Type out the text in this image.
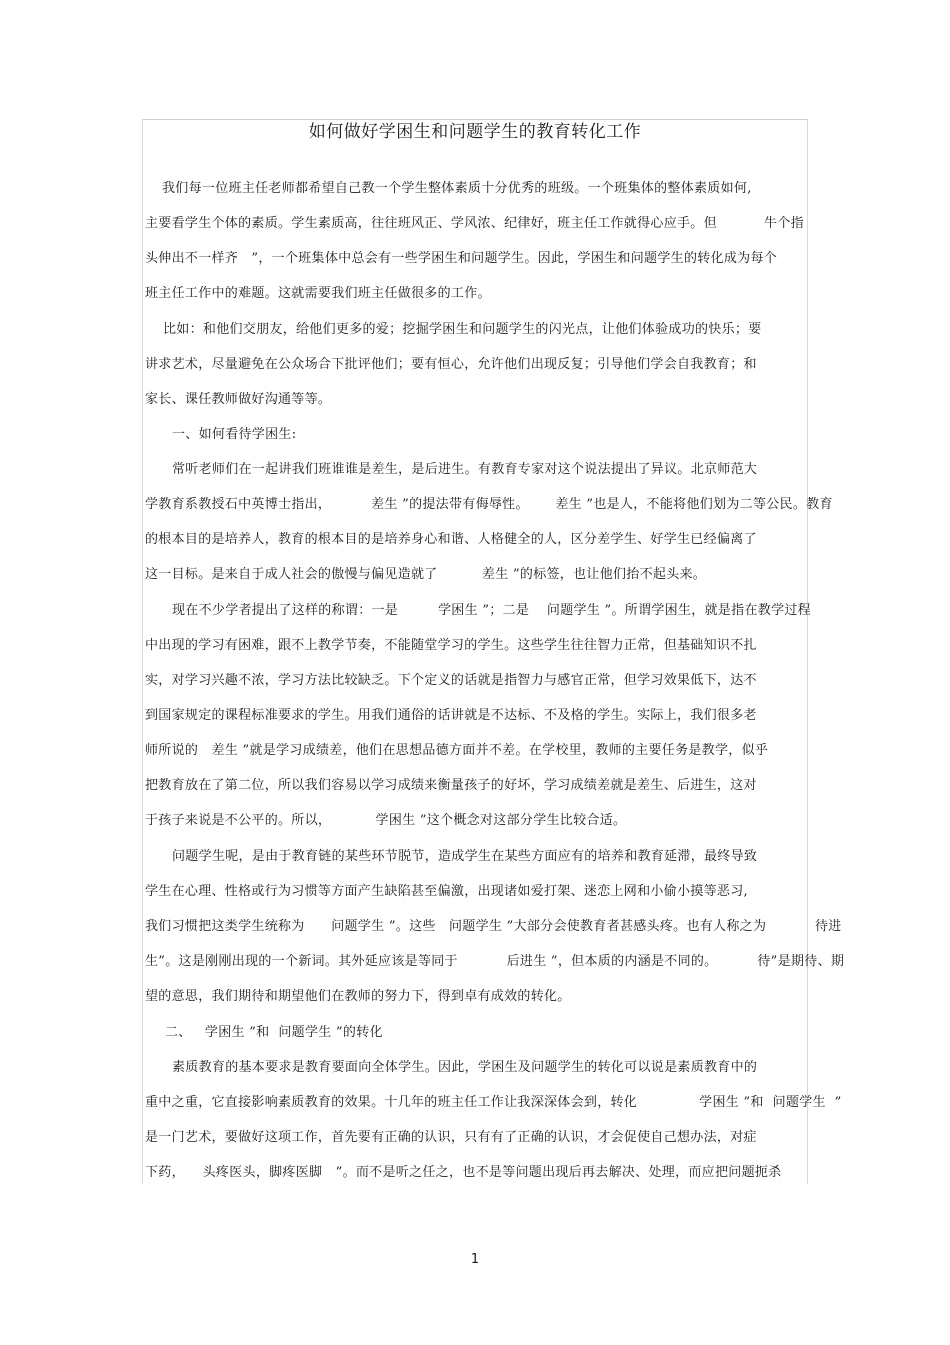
如何做好学困生和问题学生的教育转化工作
我们每一位班主任老师都希望自己教一个学生整体素质十分优秀的班级。一个班集体的整体素质如何,
主要看学生个体的素质。学生素质高，往往班风正、学风浓、纪律好，班主任工作就得心应手。但	牛个指
头伸出不一样齐   ”，一个班集体中总会有一些学困生和问题学生。因此，学困生和问题学生的转化成为每个
班主任工作中的难题。这就需要我们班主任做很多的工作。
比如：和他们交朋友，给他们更多的爱；挖掘学困生和问题学生的闪光点，让他们体验成功的快乐；要
讲求艺术，尽量避免在公众场合下批评他们；要有恒心，允许他们出现反复；引导他们学会自我教育；和
家长、课任教师做好沟通等等。
一、如何看待学困生:
常听老师们在一起讲我们班谁谁是差生，是后进生。有教育专家对这个说法提出了异议。北京师范大
学教育系教授石中英博士指出，         差生 ”的提法带有侮辱性。      差生 ”也是人，不能将他们划为二等公民。教育
的根本目的是培养人，教育的根本目的是培养身心和谐、人格健全的人，区分差学生、好学生已经偏离了
这一目标。是来自于成人社会的傲慢与偏见造就了          差生 ”的标签，也让他们抬不起头来。
现在不少学者提出了这样的称谓：一是         学困生 ”；二是    问题学生 ”。所谓学困生，就是指在教学过程
中出现的学习有困难，跟不上教学节奏，不能随堂学习的学生。这些学生往往智力正常，但基础知识不扎
实，对学习兴趣不浓，学习方法比较缺乏。下个定义的话就是指智力与感官正常，但学习效果低下，达不
到国家规定的课程标准要求的学生。用我们通俗的话讲就是不达标、不及格的学生。实际上，我们很多老
师所说的   差生 ”就是学习成绩差，他们在思想品德方面并不差。在学校里，教师的主要任务是教学，似乎
把教育放在了第二位，所以我们容易以学习成绩来衡量孩子的好坏，学习成绩差就是差生、后进生，这对
于孩子来说是不公平的。所以，          学困生 ”这个概念对这部分学生比较合适。
问题学生呢，是由于教育链的某些环节脱节，造成学生在某些方面应有的培养和教育延滞，最终导致
学生在心理、性格或行为习惯等方面产生缺陷甚至偏激，出现诸如爱打架、迷恋上网和小偷小摸等恶习,
我们习惯把这类学生统称为      问题学生 ”。这些   问题学生 ”大部分会使教育者甚感头疼。也有人称之为           待进
生”。这是刚刚出现的一个新词。其外延应该是等同于           后进生 ”，但本质的内涵是不同的。         待”是期待、期
望的意思，我们期待和期望他们在教师的努力下，得到卓有成效的转化。
二、   学困生 ”和  问题学生 ”的转化
素质教育的基本要求是教育要面向全体学生。因此，学困生及问题学生的转化可以说是素质教育中的
重中之重，它直接影响素质教育的效果。十几年的班主任工作让我深深体会到，转化              学困生 ”和  问题学生  ”
是一门艺术，要做好这项工作，首先要有正确的认识，只有有了正确的认识，才会促使自己想办法，对症
下药，    头疼医头，脚疼医脚   ”。而不是听之任之，也不是等问题出现后再去解决、处理，而应把问题扼杀
1
